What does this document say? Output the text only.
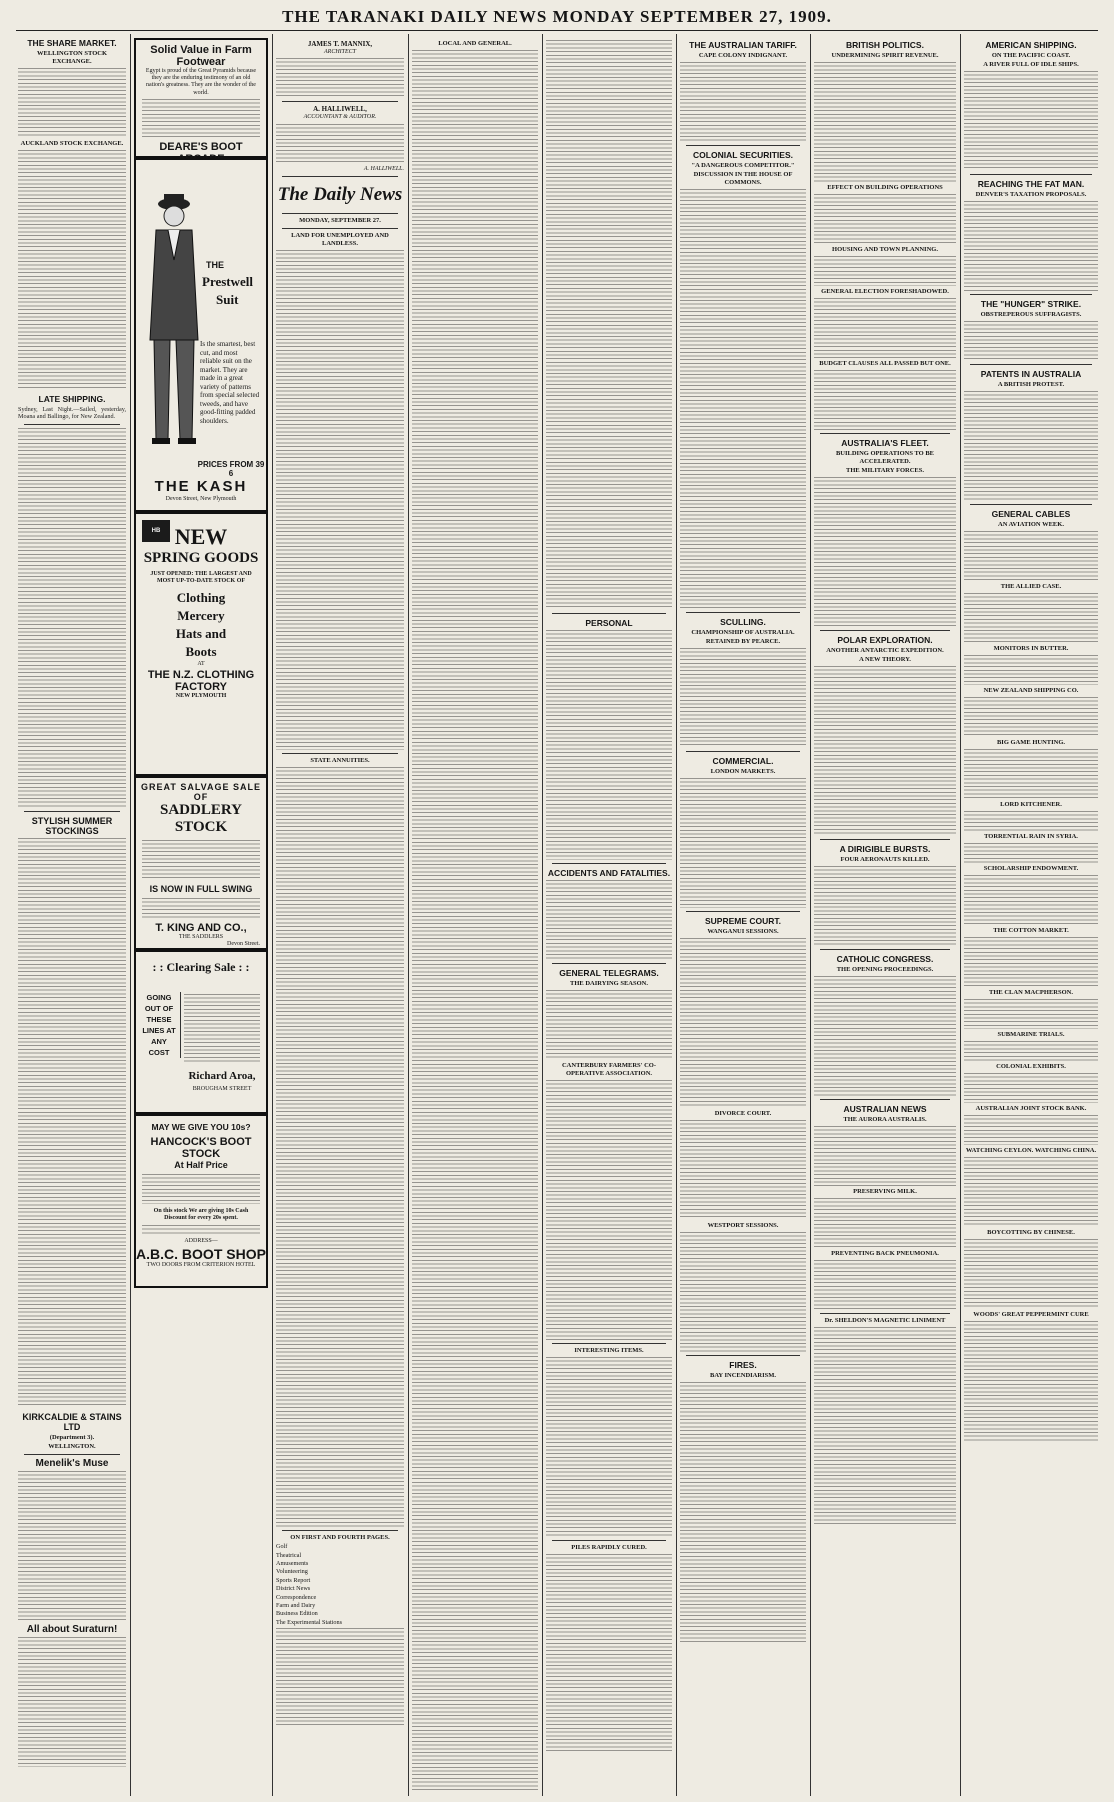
THE TARANAKI DAILY NEWS MONDAY SEPTEMBER 27, 1909.
THE SHARE MARKET.
WELLINGTON STOCK EXCHANGE.
AUCKLAND STOCK EXCHANGE.
LATE SHIPPING.
Sydney, Last Night.—Sailed, yesterday, Moana and Ballingo, for New Zealand.
STYLISH SUMMER STOCKINGS
KIRKCALDIE & STAINS LTD
(Department 3).
WELLINGTON.
Menelik's Muse
All about Suraturn!
Solid Value in Farm Footwear
Egypt is proud of the Great Pyramids because they are the enduring testimony of an old nation's greatness. They are the wonder of the world.
DEARE'S BOOT
THE
Prestwell
Suit
Is the smartest, best cut, and most reliable suit on the market. They are made in a great variety of patterns from special selected tweeds, and have good-fitting padded shoulders.
PRICES FROM 39 6
THE KASH
Devon Street, New Plymouth
HB NEW
SPRING GOODS
JUST OPENED: THE LARGEST AND MOST UP-TO-DATE STOCK OF
Clothing
Mercery
Hats and
Boots
AT
THE N.Z. CLOTHING FACTORY
NEW PLYMOUTH
GREAT SALVAGE SALE OF
SADDLERY STOCK
IS NOW IN FULL SWING
T. KING AND CO.,
THE SADDLERS
Devon Street.
: : Clearing Sale : :
GOING OUT OF THESE LINES AT ANY COST
Richard Aroa,
BROUGHAM STREET
MAY WE GIVE YOU 10s?
HANCOCK'S BOOT STOCK
At Half Price
On this stock We are giving 10s Cash Discount for every 20s spent.
ADDRESS—
A.B.C. BOOT SHOP
TWO DOORS FROM CRITERION HOTEL
JAMES T. MANNIX,
ARCHITECT
A. HALLIWELL,
ACCOUNTANT & AUDITOR.
A. HALLIWELL.
The Daily News
MONDAY, SEPTEMBER 27.
LAND FOR UNEMPLOYED AND LANDLESS.
STATE ANNUITIES.
ON FIRST AND FOURTH PAGES.
Golf
Theatrical
Amusements
Volunteering
Sports Report
District News
Correspondence
Farm and Dairy
Business Edition
The Experimental Stations
LOCAL AND GENERAL.
PERSONAL
ACCIDENTS AND FATALITIES.
GENERAL TELEGRAMS.
THE DAIRYING SEASON.
CANTERBURY FARMERS' CO-OPERATIVE ASSOCIATION.
INTERESTING ITEMS.
PILES RAPIDLY CURED.
THE AUSTRALIAN TARIFF.
CAPE COLONY INDIGNANT.
COLONIAL SECURITIES.
"A DANGEROUS COMPETITOR."
DISCUSSION IN THE HOUSE OF COMMONS.
SCULLING.
CHAMPIONSHIP OF AUSTRALIA.
RETAINED BY PEARCE.
COMMERCIAL.
LONDON MARKETS.
SUPREME COURT.
WANGANUI SESSIONS.
DIVORCE COURT.
WESTPORT SESSIONS.
FIRES.
BAY INCENDIARISM.
BRITISH POLITICS.
UNDERMINING SPIRIT REVENUE.
EFFECT ON BUILDING OPERATIONS
HOUSING AND TOWN PLANNING.
GENERAL ELECTION FORESHADOWED.
BUDGET CLAUSES ALL PASSED BUT ONE.
AUSTRALIA'S FLEET.
BUILDING OPERATIONS TO BE ACCELERATED.
THE MILITARY FORCES.
POLAR EXPLORATION.
ANOTHER ANTARCTIC EXPEDITION.
A NEW THEORY.
A DIRIGIBLE BURSTS.
FOUR AERONAUTS KILLED.
CATHOLIC CONGRESS.
THE OPENING PROCEEDINGS.
AUSTRALIAN NEWS
THE AURORA AUSTRALIS.
PRESERVING MILK.
PREVENTING BACK PNEUMONIA.
Dr. SHELDON'S MAGNETIC LINIMENT
AMERICAN SHIPPING.
ON THE PACIFIC COAST.
A RIVER FULL OF IDLE SHIPS.
REACHING THE FAT MAN.
DENVER'S TAXATION PROPOSALS.
THE "HUNGER" STRIKE.
OBSTREPEROUS SUFFRAGISTS.
PATENTS IN AUSTRALIA
A BRITISH PROTEST.
GENERAL CABLES
AN AVIATION WEEK.
THE ALLIED CASE.
MONITORS IN BUTTER.
NEW ZEALAND SHIPPING CO.
BIG GAME HUNTING.
LORD KITCHENER.
TORRENTIAL RAIN IN SYRIA.
SCHOLARSHIP ENDOWMENT.
THE COTTON MARKET.
THE CLAN MACPHERSON.
SUBMARINE TRIALS.
COLONIAL EXHIBITS.
AUSTRALIAN JOINT STOCK BANK.
WATCHING CEYLON. WATCHING CHINA.
BOYCOTTING BY CHINESE.
WOODS' GREAT PEPPERMINT CURE
